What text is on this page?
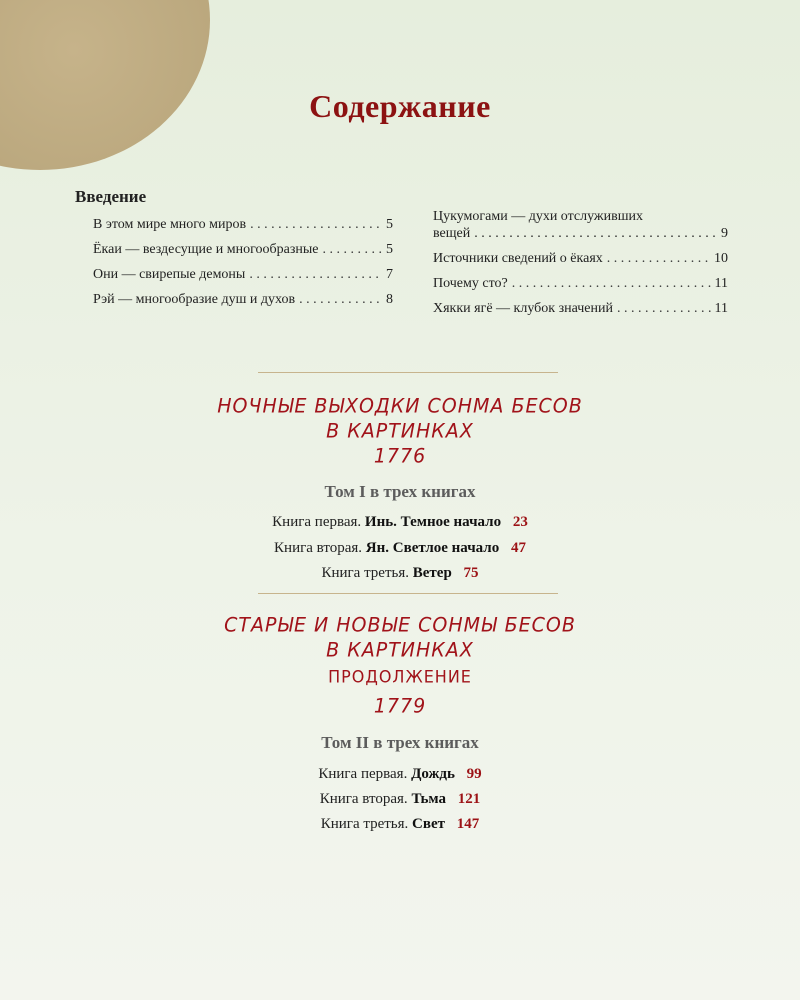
Содержание
Введение
В этом мире много миров . . .	5
Ёкаи — вездесущие и многообразные . . .	5
Они — свирепые демоны . . .	7
Рэй — многообразие душ и духов . . .	8
Цукумогами — духи отслуживших
вещей . . .	9
Источники сведений о ёкаях . . .	10
Почему сто? . . .	11
Хякки ягё — клубок значений . . .	11
НОЧНЫЕ ВЫХОДКИ СОНМА БЕСОВ
В КАРТИНКАХ
1776
Том I в трех книгах
Книга первая. Инь. Темное начало 23
Книга вторая. Ян. Светлое начало 47
Книга третья. Ветер 75
СТАРЫЕ И НОВЫЕ СОНМЫ БЕСОВ
В КАРТИНКАХ
ПРОДОЛЖЕНИЕ
1779
Том II в трех книгах
Книга первая. Дождь 99
Книга вторая. Тьма 121
Книга третья. Свет 147
